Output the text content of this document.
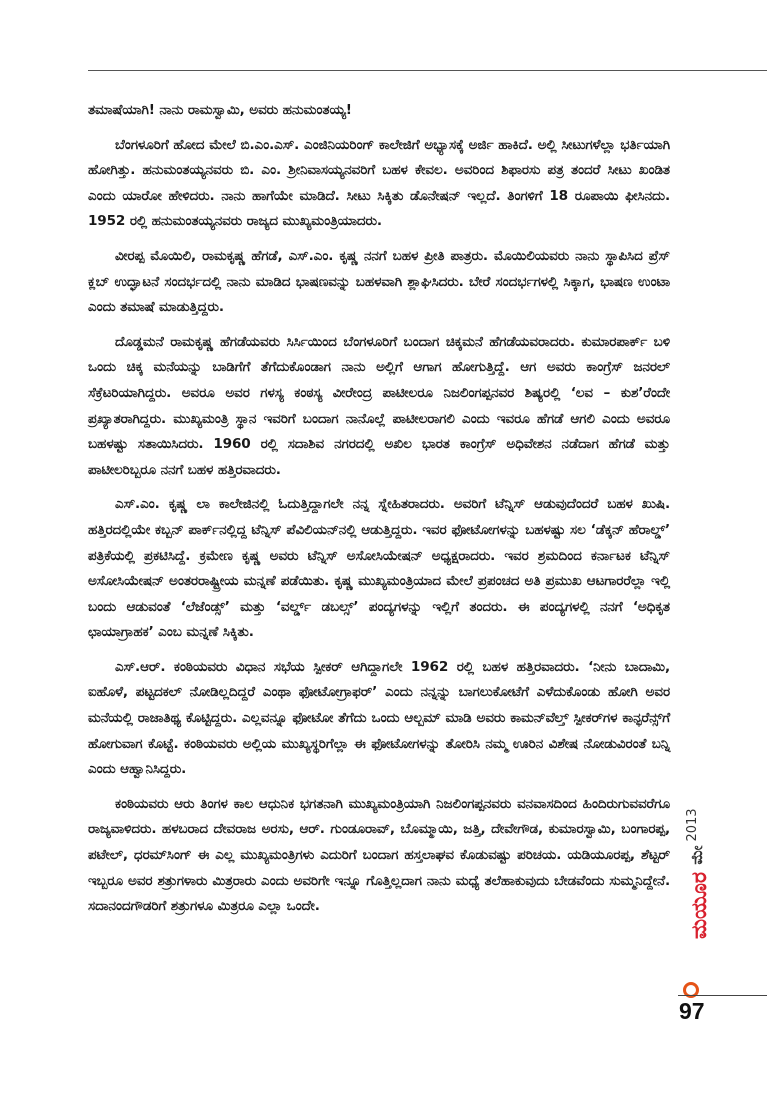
ತಮಾಷೆಯಾಗಿ! ನಾನು ರಾಮಸ್ವಾಮಿ, ಅವರು ಹನುಮಂತಯ್ಯ!

ಬೆಂಗಳೂರಿಗೆ ಹೋದ ಮೇಲೆ ಬಿ.ಎಂ.ಎಸ್. ಎಂಜಿನಿಯರಿಂಗ್ ಕಾಲೇಜಿಗೆ ಅಭ್ಯಾಸಕ್ಕೆ ಅರ್ಜಿ ಹಾಕಿದೆ. ಅಲ್ಲಿ ಸೀಟುಗಳೆಲ್ಲಾ ಭರ್ತಿಯಾಗಿ ಹೋಗಿತ್ತು. ಹನುಮಂತಯ್ಯನವರು ಬಿ. ಎಂ. ಶ್ರೀನಿವಾಸಯ್ಯನವರಿಗೆ ಬಹಳ ಕೇವಲ. ಅವರಿಂದ ಶಿಫಾರಸು ಪತ್ರ ತಂದರೆ ಸೀಟು ಖಂಡಿತ ಎಂದು ಯಾರೋ ಹೇಳಿದರು. ನಾನು ಹಾಗೆಯೇ ಮಾಡಿದೆ. ಸೀಟು ಸಿಕ್ಕಿತು ಡೊನೇಷನ್ ಇಲ್ಲದೆ. ತಿಂಗಳಿಗೆ 18 ರೂಪಾಯಿ ಫೀಸಿನದು. 1952 ರಲ್ಲಿ ಹನುಮಂತಯ್ಯನವರು ರಾಜ್ಯದ ಮುಖ್ಯಮಂತ್ರಿಯಾದರು.

ವೀರಪ್ಪ ಮೊಯಿಲಿ, ರಾಮಕೃಷ್ಣ ಹೆಗಡೆ, ಎಸ್.ಎಂ. ಕೃಷ್ಣ ನನಗೆ ಬಹಳ ಪ್ರೀತಿ ಪಾತ್ರರು. ಮೊಯಿಲಿಯವರು ನಾನು ಸ್ಥಾಪಿಸಿದ ಪ್ರೆಸ್ ಕ್ಲಬ್ ಉದ್ಘಾಟನೆ ಸಂದರ್ಭದಲ್ಲಿ ನಾನು ಮಾಡಿದ ಭಾಷಣವನ್ನು ಬಹಳವಾಗಿ ಶ್ಲಾಘಿಸಿದರು. ಬೇರೆ ಸಂದರ್ಭಗಳಲ್ಲಿ ಸಿಕ್ಕಾಗ, ಭಾಷಣ ಉಂಟಾ ಎಂದು ತಮಾಷೆ ಮಾಡುತ್ತಿದ್ದರು.

ದೊಡ್ಡಮನೆ ರಾಮಕೃಷ್ಣ ಹೆಗಡೆಯವರು ಸಿರ್ಸಿಯಿಂದ ಬೆಂಗಳೂರಿಗೆ ಬಂದಾಗ ಚಿಕ್ಕಮನೆ ಹೆಗಡೆಯವರಾದರು. ಕುಮಾರಪಾರ್ಕ್ ಬಳಿ ಒಂದು ಚಿಕ್ಕ ಮನೆಯನ್ನು ಬಾಡಿಗೆಗೆ ತೆಗೆದುಕೊಂಡಾಗ ನಾನು ಅಲ್ಲಿಗೆ ಆಗಾಗ ಹೋಗುತ್ತಿದ್ದೆ. ಆಗ ಅವರು ಕಾಂಗ್ರೆಸ್ ಜನರಲ್ ಸೆಕ್ರೆಟರಿಯಾಗಿದ್ದರು. ಅವರೂ ಅವರ ಗಳಸ್ಯ ಕಂಠಸ್ಯ ವೀರೇಂದ್ರ ಪಾಟೀಲರೂ ನಿಜಲಿಂಗಪ್ಪನವರ ಶಿಷ್ಯರಲ್ಲಿ ‘ಲವ – ಕುಶ’ರೆಂದೇ ಪ್ರಖ್ಯಾತರಾಗಿದ್ದರು. ಮುಖ್ಯಮಂತ್ರಿ ಸ್ಥಾನ ಇವರಿಗೆ ಬಂದಾಗ ನಾನೊಲ್ಲೆ ಪಾಟೀಲರಾಗಲಿ ಎಂದು ಇವರೂ ಹೆಗಡೆ ಆಗಲಿ ಎಂದು ಅವರೂ ಬಹಳಷ್ಟು ಸತಾಯಿಸಿದರು. 1960 ರಲ್ಲಿ ಸದಾಶಿವ ನಗರದಲ್ಲಿ ಅಖಿಲ ಭಾರತ ಕಾಂಗ್ರೆಸ್ ಅಧಿವೇಶನ ನಡೆದಾಗ ಹೆಗಡೆ ಮತ್ತು ಪಾಟೀಲರಿಬ್ಬರೂ ನನಗೆ ಬಹಳ ಹತ್ತಿರವಾದರು.

ಎಸ್.ಎಂ. ಕೃಷ್ಣ ಲಾ ಕಾಲೇಜಿನಲ್ಲಿ ಓದುತ್ತಿದ್ದಾಗಲೇ ನನ್ನ ಸ್ನೇಹಿತರಾದರು. ಅವರಿಗೆ ಟೆನ್ನಿಸ್ ಆಡುವುದೆಂದರೆ ಬಹಳ ಖುಷಿ. ಹತ್ತಿರದಲ್ಲಿಯೇ ಕಬ್ಬನ್ ಪಾರ್ಕ್‌ನಲ್ಲಿದ್ದ ಟೆನ್ನಿಸ್ ಪೆವಿಲಿಯನ್‌ನಲ್ಲಿ ಆಡುತ್ತಿದ್ದರು. ಇವರ ಫೋಟೋಗಳನ್ನು ಬಹಳಷ್ಟು ಸಲ ‘ಡೆಕ್ಕನ್ ಹೆರಾಲ್ಡ್’ ಪತ್ರಿಕೆಯಲ್ಲಿ ಪ್ರಕಟಿಸಿದ್ದೆ. ಕ್ರಮೇಣ ಕೃಷ್ಣ ಅವರು ಟೆನ್ನಿಸ್ ಅಸೋಸಿಯೇಷನ್ ಅಧ್ಯಕ್ಷರಾದರು. ಇವರ ಶ್ರಮದಿಂದ ಕರ್ನಾಟಕ ಟೆನ್ನಿಸ್ ಅಸೋಸಿಯೇಷನ್ ಅಂತರರಾಷ್ಟ್ರೀಯ ಮನ್ನಣೆ ಪಡೆಯಿತು. ಕೃಷ್ಣ ಮುಖ್ಯಮಂತ್ರಿಯಾದ ಮೇಲೆ ಪ್ರಪಂಚದ ಅತಿ ಪ್ರಮುಖ ಆಟಗಾರರೆಲ್ಲಾ ಇಲ್ಲಿ ಬಂದು ಆಡುವಂತೆ ‘ಲೆಜೆಂಡ್ಸ್’ ಮತ್ತು ‘ವರ್ಲ್ಡ್ ಡಬಲ್ಸ್’ ಪಂದ್ಯಗಳನ್ನು ಇಲ್ಲಿಗೆ ತಂದರು. ಈ ಪಂದ್ಯಗಳಲ್ಲಿ ನನಗೆ ‘ಅಧಿಕೃತ ಛಾಯಾಗ್ರಾಹಕ’ ಎಂಬ ಮನ್ನಣೆ ಸಿಕ್ಕಿತು.

ಎಸ್.ಆರ್. ಕಂಠಿಯವರು ವಿಧಾನ ಸಭೆಯ ಸ್ಪೀಕರ್ ಆಗಿದ್ದಾಗಲೇ 1962 ರಲ್ಲಿ ಬಹಳ ಹತ್ತಿರವಾದರು. ‘ನೀನು ಬಾದಾಮಿ, ಐಹೊಳೆ, ಪಟ್ಟದಕಲ್ ನೋಡಿಲ್ಲದಿದ್ದರೆ ಎಂಥಾ ಫೋಟೋಗ್ರಾಫರ್’ ಎಂದು ನನ್ನನ್ನು ಬಾಗಲುಕೋಟೆಗೆ ಎಳೆದುಕೊಂಡು ಹೋಗಿ ಅವರ ಮನೆಯಲ್ಲಿ ರಾಜಾತಿಥ್ಯ ಕೊಟ್ಟಿದ್ದರು. ಎಲ್ಲವನ್ನೂ ಫೋಟೋ ತೆಗೆದು ಒಂದು ಆಲ್ಬಮ್ ಮಾಡಿ ಅವರು ಕಾಮನ್‌ವೆಲ್ತ್ ಸ್ಪೀಕರ್‌ಗಳ ಕಾನ್ಫರೆನ್ಸ್‌ಗೆ ಹೋಗುವಾಗ ಕೊಟ್ಟೆ. ಕಂಠಿಯವರು ಅಲ್ಲಿಯ ಮುಖ್ಯಸ್ಥರಿಗೆಲ್ಲಾ ಈ ಫೋಟೋಗಳನ್ನು ತೋರಿಸಿ ನಮ್ಮ ಊರಿನ ವಿಶೇಷ ನೋಡುವಿರಂತೆ ಬನ್ನಿ ಎಂದು ಆಹ್ವಾನಿಸಿದ್ದರು.

ಕಂಠಿಯವರು ಆರು ತಿಂಗಳ ಕಾಲ ಆಧುನಿಕ ಭಗತನಾಗಿ ಮುಖ್ಯಮಂತ್ರಿಯಾಗಿ ನಿಜಲಿಂಗಪ್ಪನವರು ವನವಾಸದಿಂದ ಹಿಂದಿರುಗುವವರೆಗೂ ರಾಜ್ಯವಾಳಿದರು. ಹಳಬರಾದ ದೇವರಾಜ ಅರಸು, ಆರ್. ಗುಂಡೂರಾವ್, ಬೊಮ್ಮಾಯಿ, ಜತ್ತಿ, ದೇವೇಗೌಡ, ಕುಮಾರಸ್ವಾಮಿ, ಬಂಗಾರಪ್ಪ, ಪಟೇಲ್, ಧರಮ್‌ಸಿಂಗ್ ಈ ಎಲ್ಲ ಮುಖ್ಯಮಂತ್ರಿಗಳು ಎದುರಿಗೆ ಬಂದಾಗ ಹಸ್ತಲಾಘವ ಕೊಡುವಷ್ಟು ಪರಿಚಯ. ಯಡಿಯೂರಪ್ಪ, ಶೆಟ್ಟರ್ ಇಬ್ಬರೂ ಅವರ ಶತ್ರುಗಳಾರು ಮಿತ್ರರಾರು ಎಂದು ಅವರಿಗೇ ಇನ್ನೂ ಗೊತ್ತಿಲ್ಲದಾಗ ನಾನು ಮಧ್ಯೆ ತಲೆಹಾಕುವುದು ಬೇಡವೆಂದು ಸುಮ್ಮನಿದ್ದೇನೆ. ಸದಾನಂದಗೌಡರಿಗೆ ಶತ್ರುಗಳೂ ಮಿತ್ರರೂ ಎಲ್ಲಾ ಒಂದೇ.

2013
ಮೇ
ಮಯೂರ
97
